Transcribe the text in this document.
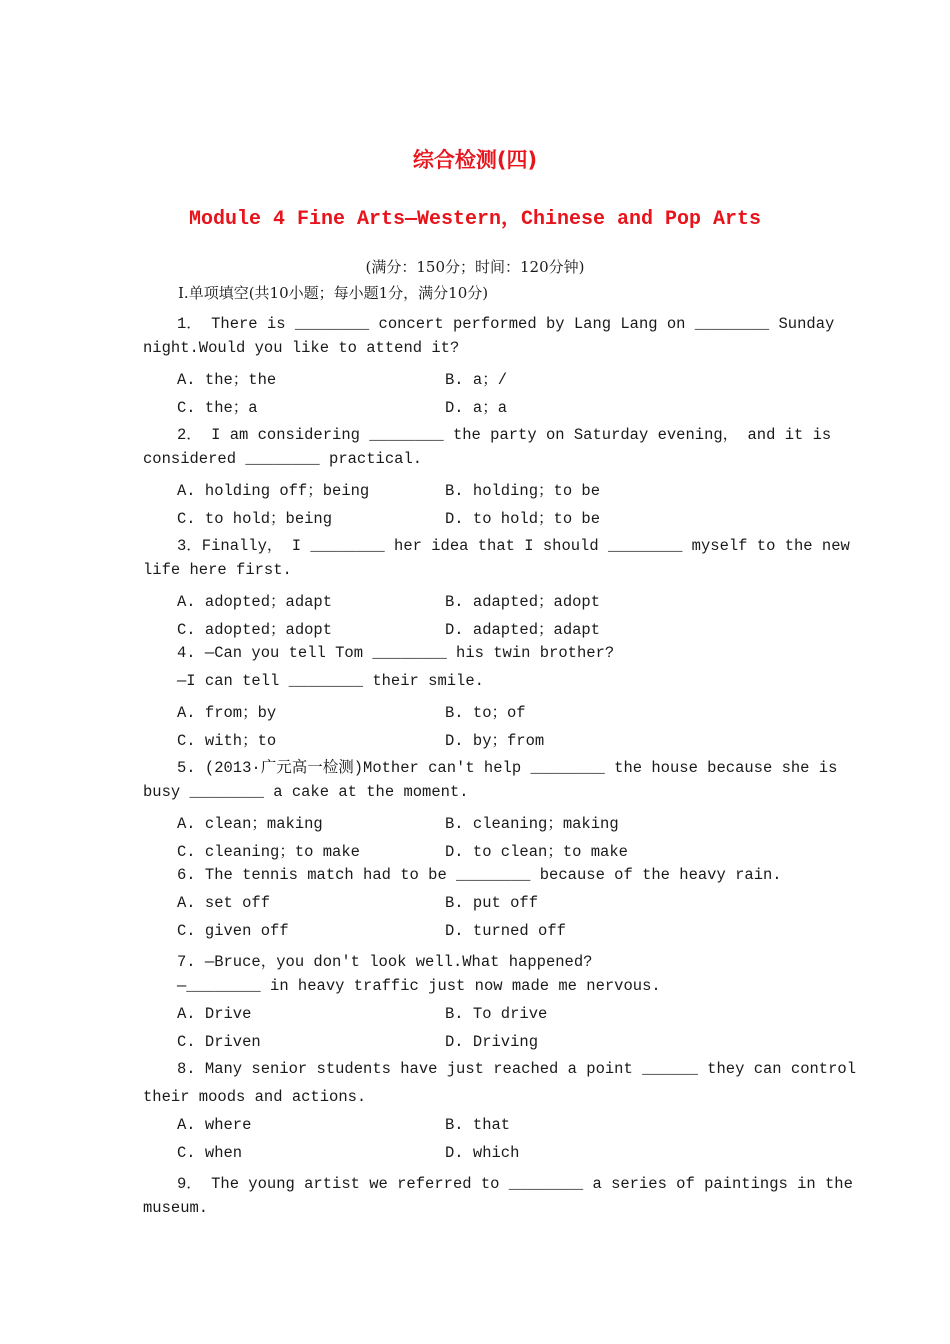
综合检测(四)
Module 4 Fine Arts—Western，Chinese and Pop Arts
(满分：150分；时间：120分钟)
Ⅰ.单项填空(共10小题；每小题1分，满分10分)
1． There is ________ concert performed by Lang Lang on ________ Sunday
night.Would you like to attend it?
A. the；the	B. a；/
C. the；a	D. a；a
2． I am considering ________ the party on Saturday evening， and it is
considered ________ practical.
A. holding off；being	B. holding；to be
C. to hold；being	D. to hold；to be
3．Finally， I ________ her idea that I should ________ myself to the new
life here first.
A. adopted；adapt	B. adapted；adopt
C. adopted；adopt	D. adapted；adapt
4. —Can you tell Tom ________ his twin brother?
—I can tell ________ their smile.
A. from；by	B. to；of
C. with；to	D. by；from
5. (2013·广元高一检测)Mother can't help ________ the house because she is
busy ________ a cake at the moment.
A. clean；making	B. cleaning；making
C. cleaning；to make	D. to clean；to make
6. The tennis match had to be ________ because of the heavy rain.
A. set off	B. put off
C. given off	D. turned off
7. —Bruce，you don't look well.What happened?
—________ in heavy traffic just now made me nervous.
A. Drive	B. To drive
C. Driven	D. Driving
8. Many senior students have just reached a point ______ they can control
their moods and actions.
A. where	B. that
C. when	D. which
9． The young artist we referred to ________ a series of paintings in the
museum.
